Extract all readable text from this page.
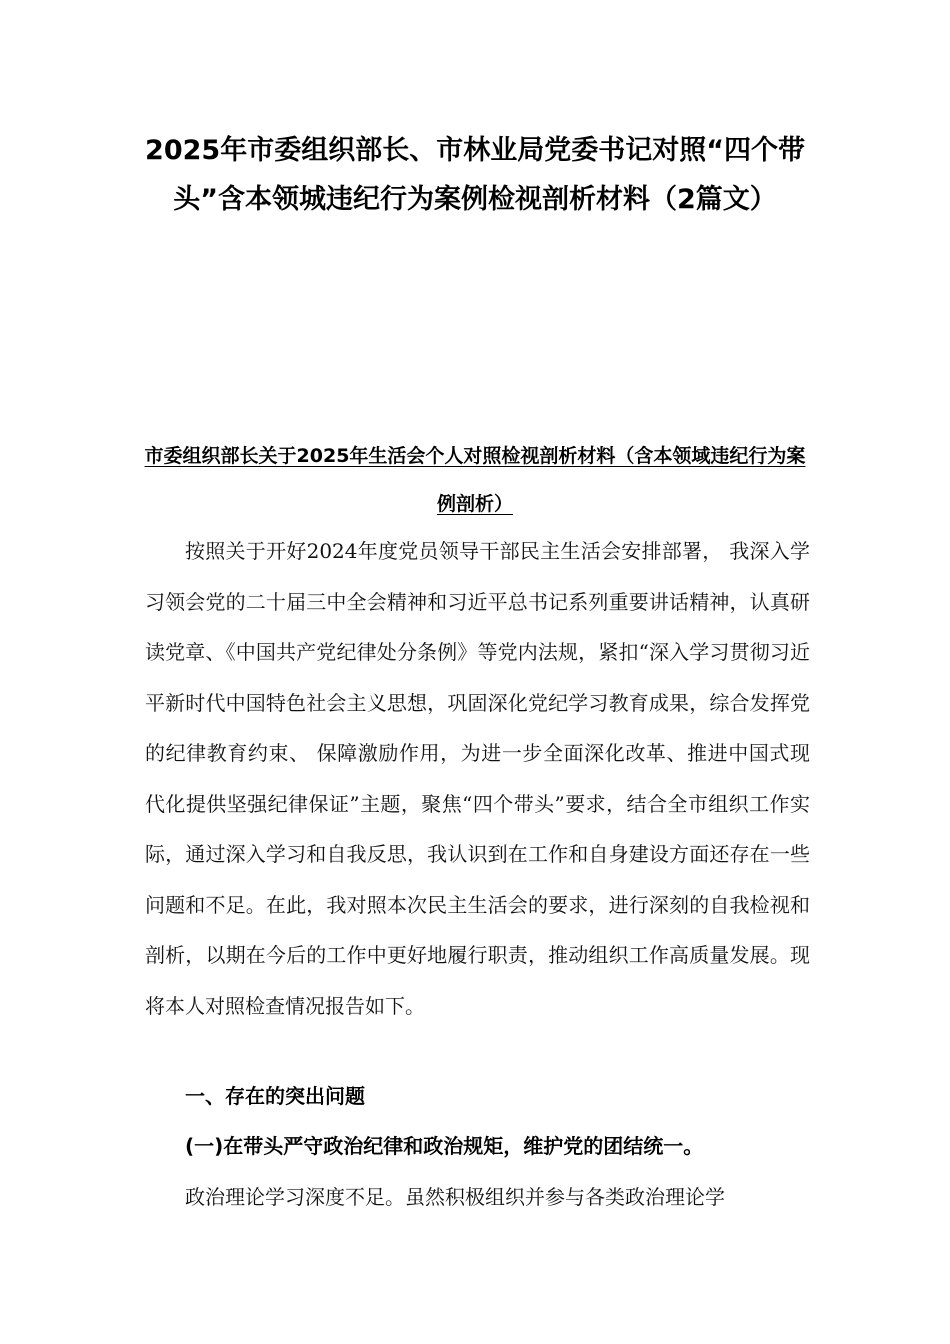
2025年市委组织部长、市林业局党委书记对照“四个带头”含本领城违纪行为案例检视剖析材料（2篇文）
市委组织部长关于2025年生活会个人对照检视剖析材料（含本领域违纪行为案例剖析）

按照关于开好2024年度党员领导干部民主生活会安排部署， 我深入学习领会党的二十届三中全会精神和习近平总书记系列重要讲话精神，认真研读党章、《中国共产党纪律处分条例》等党内法规，紧扣“深入学习贯彻习近平新时代中国特色社会主义思想，巩固深化党纪学习教育成果，综合发挥党的纪律教育约束、 保障激励作用，为进一步全面深化改革、推进中国式现代化提供坚强纪律保证”主题，聚焦“四个带头”要求，结合全市组织工作实际，通过深入学习和自我反思，我认识到在工作和自身建设方面还存在一些问题和不足。在此，我对照本次民主生活会的要求，进行深刻的自我检视和剖析，以期在今后的工作中更好地履行职责，推动组织工作高质量发展。现将本人对照检查情况报告如下。

一、存在的突出问题
(一)在带头严守政治纪律和政治规矩，维护党的团结统一。

政治理论学习深度不足。虽然积极组织并参与各类政治理论学
